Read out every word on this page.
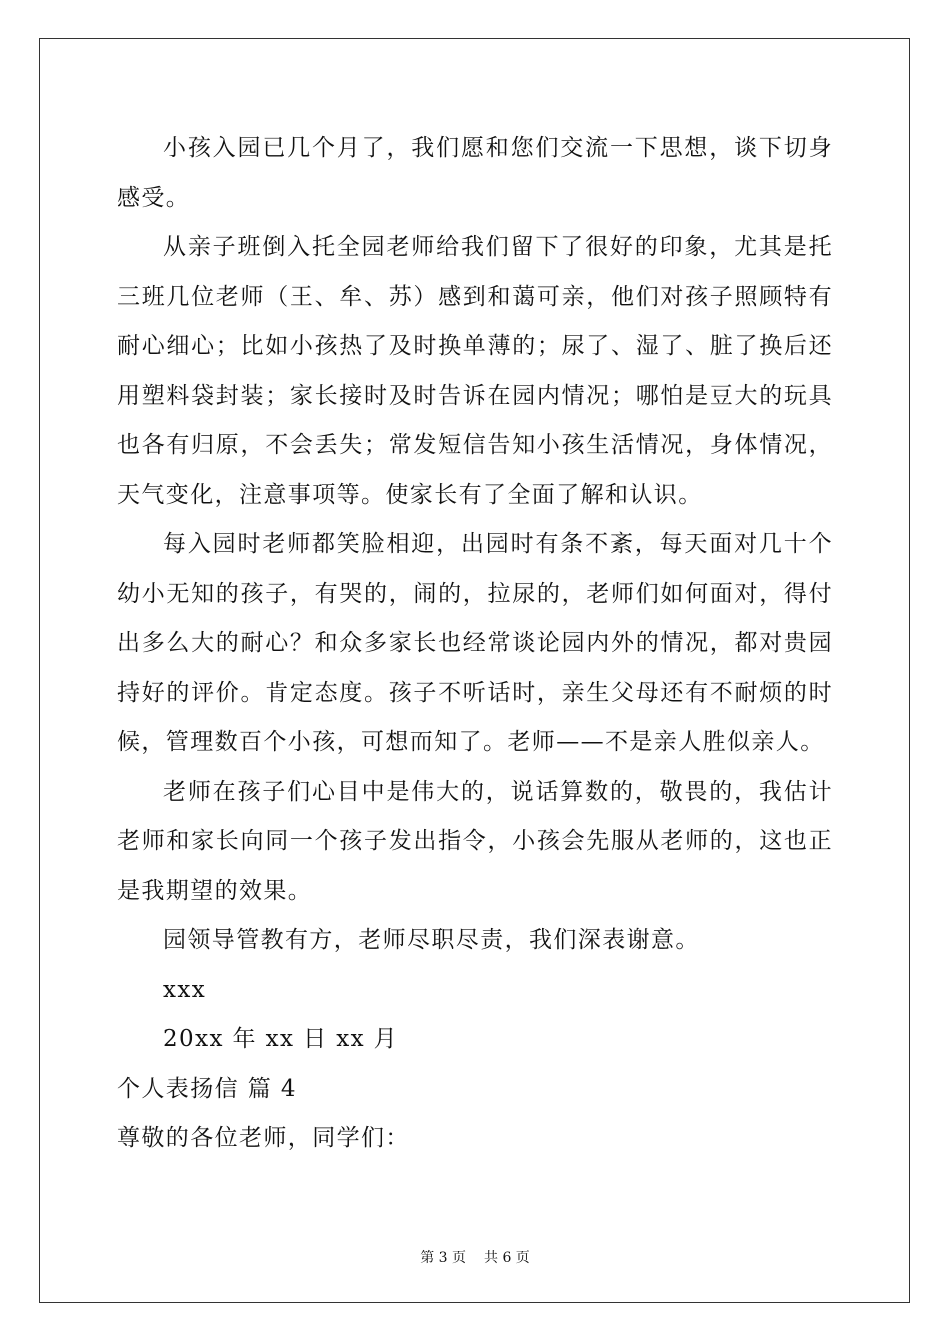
小孩入园已几个月了，我们愿和您们交流一下思想，谈下切身感受。

从亲子班倒入托全园老师给我们留下了很好的印象，尤其是托三班几位老师（王、牟、苏）感到和蔼可亲，他们对孩子照顾特有耐心细心；比如小孩热了及时换单薄的；尿了、湿了、脏了换后还用塑料袋封装；家长接时及时告诉在园内情况；哪怕是豆大的玩具也各有归原，不会丢失；常发短信告知小孩生活情况，身体情况，天气变化，注意事项等。使家长有了全面了解和认识。

每入园时老师都笑脸相迎，出园时有条不紊，每天面对几十个幼小无知的孩子，有哭的，闹的，拉尿的，老师们如何面对，得付出多么大的耐心？和众多家长也经常谈论园内外的情况，都对贵园持好的评价。肯定态度。孩子不听话时，亲生父母还有不耐烦的时候，管理数百个小孩，可想而知了。老师——不是亲人胜似亲人。

老师在孩子们心目中是伟大的，说话算数的，敬畏的，我估计老师和家长向同一个孩子发出指令，小孩会先服从老师的，这也正是我期望的效果。

园领导管教有方，老师尽职尽责，我们深表谢意。

xxx

20xx 年 xx 日 xx 月

个人表扬信 篇 4

尊敬的各位老师，同学们：

第 3 页 共 6 页
